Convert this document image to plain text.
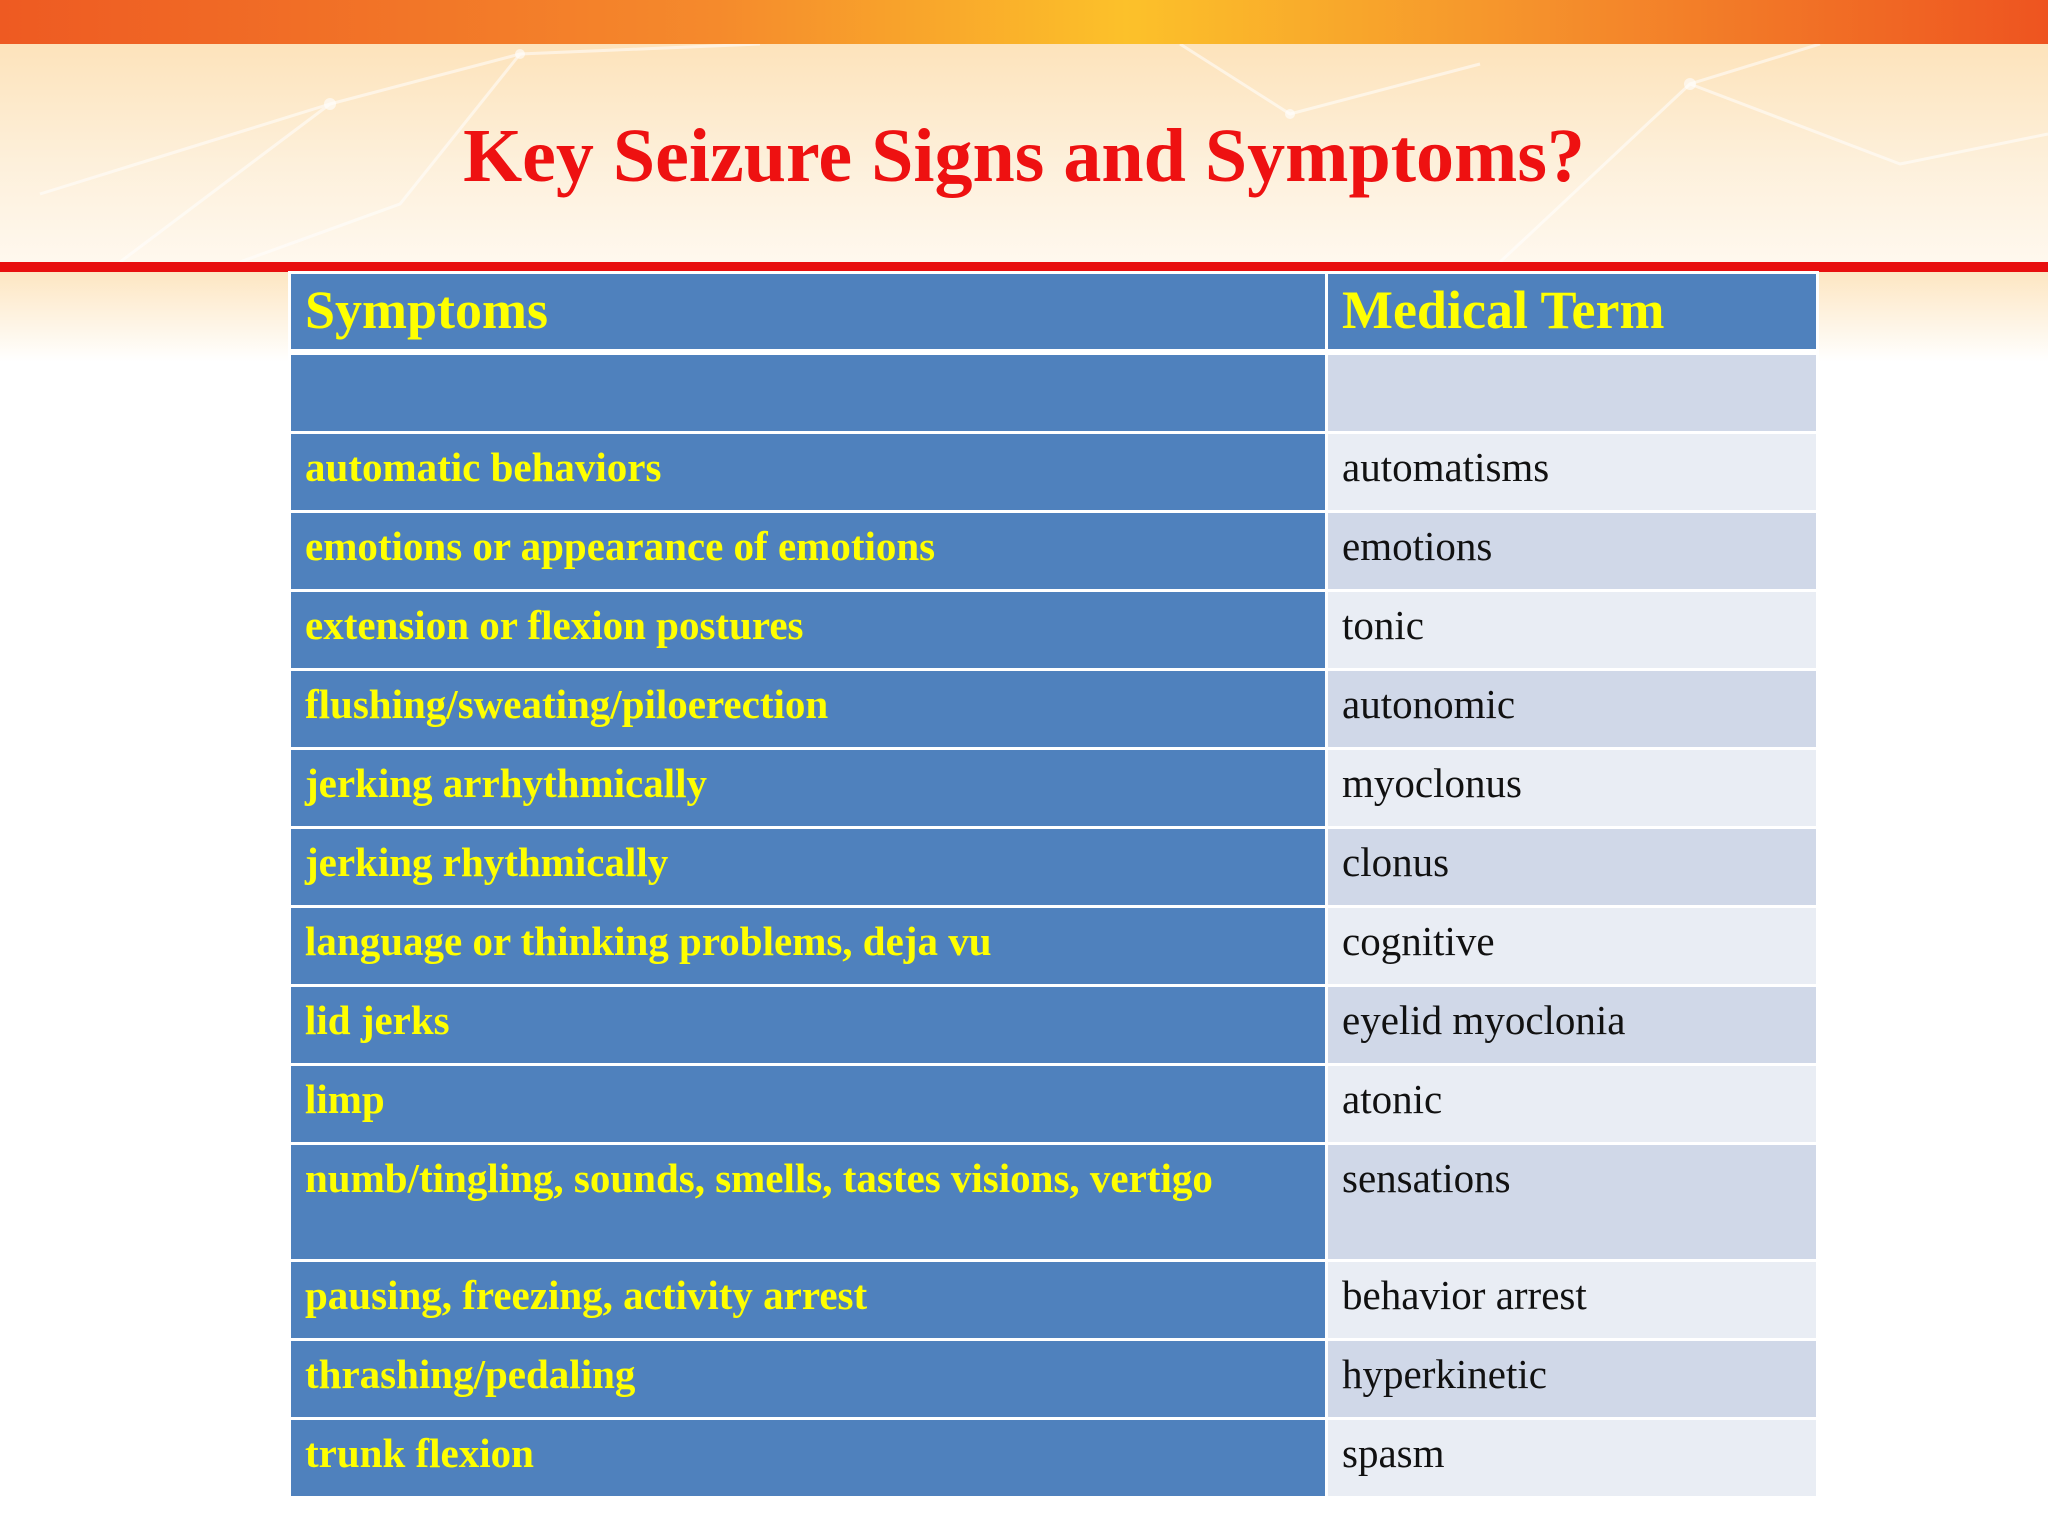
Key Seizure Signs and Symptoms?
Symptoms	Medical Term

automatic behaviors	automatisms
emotions or appearance of emotions	emotions
extension or flexion postures	tonic
flushing/sweating/piloerection	autonomic
jerking arrhythmically	myoclonus
jerking rhythmically	clonus
language or thinking problems, deja vu	cognitive
lid jerks	eyelid myoclonia
limp	atonic
numb/tingling, sounds, smells, tastes visions, vertigo	sensations
pausing, freezing, activity arrest	behavior arrest
thrashing/pedaling	hyperkinetic
trunk flexion	spasm
